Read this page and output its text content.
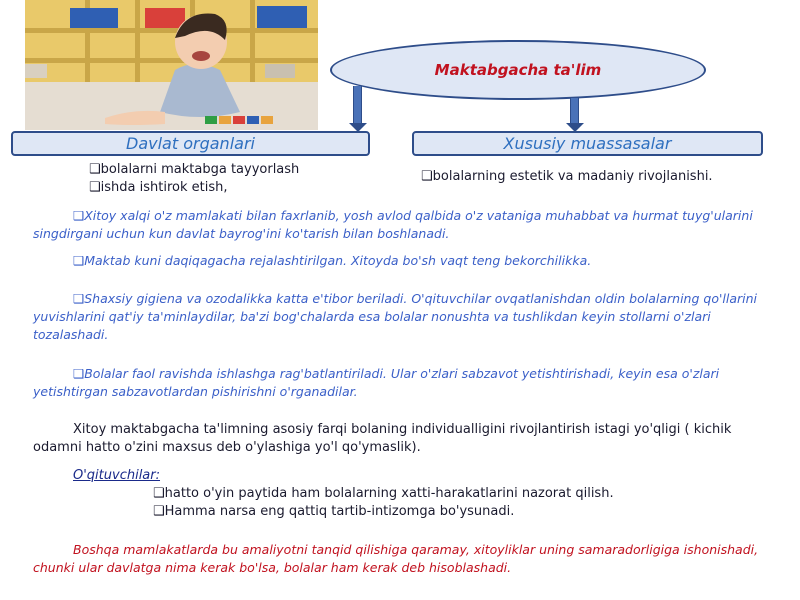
Maktabgacha ta'lim
Davlat organlari	Xususiy muassasalar
❑bolalarni maktabga tayyorlash
❑ishda ishtirok etish,
❑bolalarning estetik va madaniy rivojlanishi.
❑Xitoy xalqi o'z mamlakati bilan faxrlanib, yosh avlod qalbida o'z vataniga muhabbat va hurmat tuyg'ularini singdirgani uchun kun davlat bayrog'ini ko'tarish bilan boshlanadi.
❑Maktab kuni daqiqagacha rejalashtirilgan. Xitoyda bo'sh vaqt teng bekorchilikka.
❑Shaxsiy gigiena va ozodalikka katta e'tibor beriladi. O'qituvchilar ovqatlanishdan oldin bolalarning qo'llarini yuvishlarini qat'iy ta'minlaydilar, ba'zi bog'chalarda esa bolalar nonushta va tushlikdan keyin stollarni o'zlari tozalashadi.
❑Bolalar faol ravishda ishlashga rag'batlantiriladi. Ular o'zlari sabzavot yetishtirishadi, keyin esa o'zlari yetishtirgan sabzavotlardan pishirishni o'rganadilar.
Xitoy maktabgacha ta'limning asosiy farqi bolaning individualligini rivojlantirish istagi yo'qligi ( kichik odamni hatto o'zini maxsus deb o'ylashiga yo'l qo'ymaslik).
O'qituvchilar:
❑hatto o'yin paytida ham bolalarning xatti-harakatlarini nazorat qilish.
❑Hamma narsa eng qattiq tartib-intizomga bo'ysunadi.
Boshqa mamlakatlarda bu amaliyotni tanqid qilishiga qaramay, xitoyliklar uning samaradorligiga ishonishadi, chunki ular davlatga nima kerak bo'lsa, bolalar ham kerak deb hisoblashadi.
